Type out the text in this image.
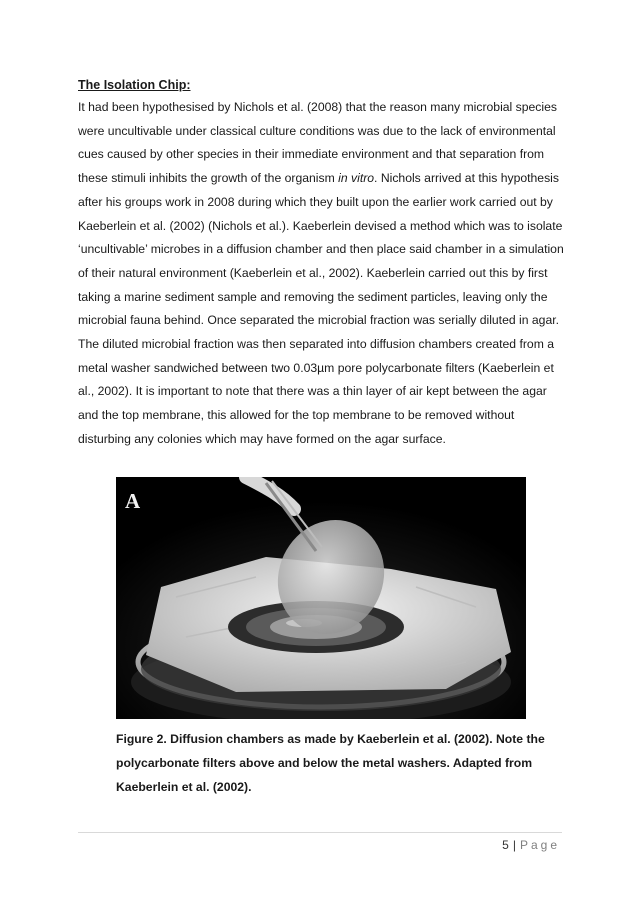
The Isolation Chip:

It had been hypothesised by Nichols et al. (2008) that the reason many microbial species
were uncultivable under classical culture conditions was due to the lack of environmental
cues caused by other species in their immediate environment and that separation from
these stimuli inhibits the growth of the organism in vitro. Nichols arrived at this hypothesis
after his groups work in 2008 during which they built upon the earlier work carried out by
Kaeberlein et al. (2002) (Nichols et al.). Kaeberlein devised a method which was to isolate
‘uncultivable’ microbes in a diffusion chamber and then place said chamber in a simulation
of their natural environment (Kaeberlein et al., 2002). Kaeberlein carried out this by first
taking a marine sediment sample and removing the sediment particles, leaving only the
microbial fauna behind. Once separated the microbial fraction was serially diluted in agar.
The diluted microbial fraction was then separated into diffusion chambers created from a
metal washer sandwiched between two 0.03µm pore polycarbonate filters (Kaeberlein et
al., 2002). It is important to note that there was a thin layer of air kept between the agar
and the top membrane, this allowed for the top membrane to be removed without
disturbing any colonies which may have formed on the agar surface.

A
Figure 2. Diffusion chambers as made by Kaeberlein et al. (2002). Note the
polycarbonate filters above and below the metal washers. Adapted from
Kaeberlein et al. (2002).
5 | Page
